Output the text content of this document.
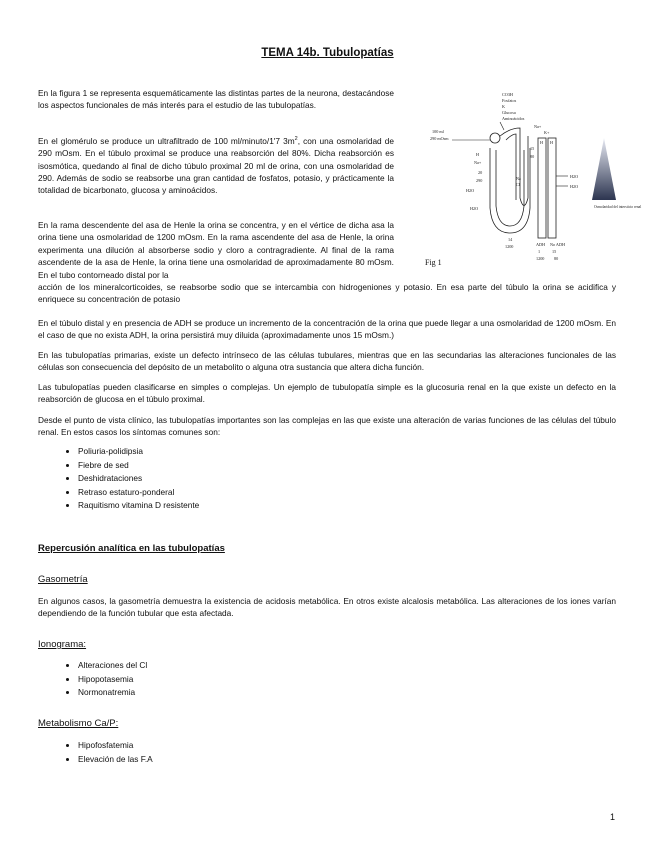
TEMA 14b. Tubulopatías

En la figura 1 se representa esquemáticamente las distintas partes de la neurona, destacándose los aspectos funcionales de más interés para el estudio de las tubulopatías.

En el glomérulo se produce un ultrafiltrado de 100 ml/minuto/1'7 $3m^2$, con una osmolaridad de 290 mOsm. En el túbulo proximal se produce una reabsorción del 80%. Dicha reabsorción es isosmótica, quedando al final de dicho túbulo proximal 20 ml de orina, con una osmolaridad de 290. Además de sodio se reabsorbe una gran cantidad de fosfatos, potasio, y prácticamente la totalidad de bicarbonato, glucosa y aminoácidos.

En la rama descendente del asa de Henle la orina se concentra, y en el vértice de dicha asa la orina tiene una osmolaridad de 1200 mOsm. En la rama ascendente del asa de Henle, la orina experimenta una dilución al absorberse sodio y cloro a contragradiente. Al final de la rama ascendente de la asa de Henle, la orina tiene una osmolaridad de aproximadamente 80 mOsm. En el tubo contorneado distal por la

acción de los mineralcorticoides, se reabsorbe sodio que se intercambia con hidrogeniones y potasio. En esa parte del túbulo la orina se acidifica y enriquece su concentración de potasio

En el túbulo distal y en presencia de ADH se produce un incremento de la concentración de la orina que puede llegar a una osmolaridad de 1200 mOsm. En el caso de que no exista ADH, la orina persistirá muy diluida (aproximadamente unos 15 mOsm.)

En las tubulopatías primarias, existe un defecto intrínseco de las células tubulares, mientras que en las secundarias las alteraciones funcionales de las células son consecuencia del depósito de un metabolito o alguna otra sustancia que altera dicha función.

Las tubulopatías pueden clasificarse en simples o complejas. Un ejemplo de tubulopatía simple es la glucosuria renal en la que existe un defecto en la reabsorción de glucosa en el túbulo proximal.

Desde el punto de vista clínico, las tubulopatías importantes son las complejas en las que existe una alteración de varias funciones de las células del túbulo renal. En estos casos los síntomas comunes son:

• Poliuria-polidipsia
• Fiebre de sed
• Deshidrataciones
• Retraso estaturo-ponderal
• Raquitismo vitamina D resistente
Repercusión analítica en las tubulopatías
Gasometría

En algunos casos, la gasometría demuestra la existencia de acidosis metabólica. En otros existe alcalosis metabólica. Las alteraciones de los iones varían dependiendo de la función tubular que esta afectada.

Ionograma:
• Alteraciones del Cl
• Hipopotasemia
• Normonatremia
Metabolismo Ca/P:
• Hipofosfatemia
• Elevación de las F.A
CO3H
Fosfatos
K
Glucosa
Aminoácidos
100 ml
290 mOsm
H
Na+
20
290
H2O
H2O
Na+
K+
15
80
H H
Na
Cl
H2O
H2O
14
1200	ADH No ADH
1	15
1200 80
Osmolaridad del intersticio renal
Fig 1
1
